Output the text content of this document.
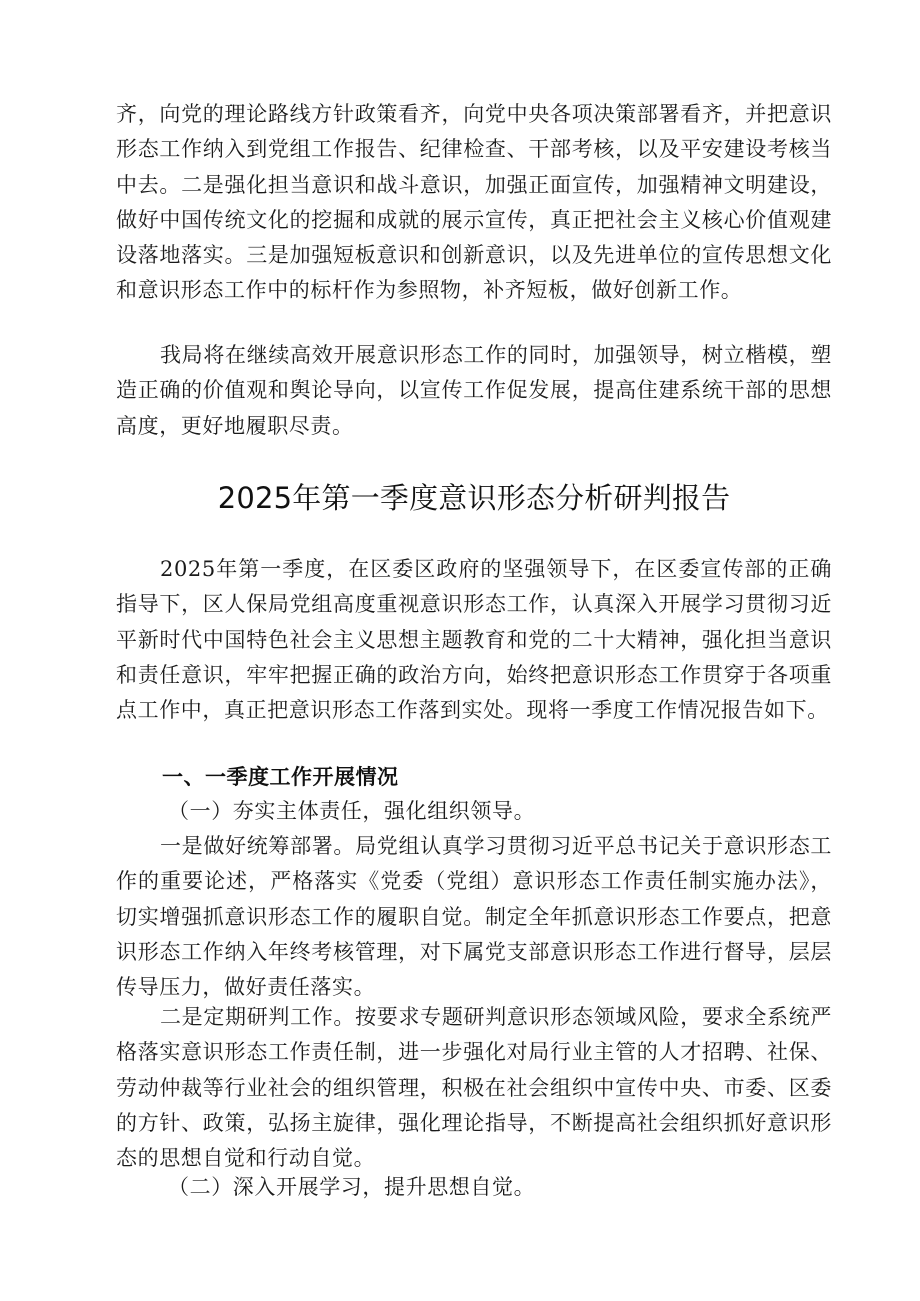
齐，向党的理论路线方针政策看齐，向党中央各项决策部署看齐，并把意识形态工作纳入到党组工作报告、纪律检查、干部考核，以及平安建设考核当中去。二是强化担当意识和战斗意识，加强正面宣传，加强精神文明建设，做好中国传统文化的挖掘和成就的展示宣传，真正把社会主义核心价值观建设落地落实。三是加强短板意识和创新意识，以及先进单位的宣传思想文化和意识形态工作中的标杆作为参照物，补齐短板，做好创新工作。

我局将在继续高效开展意识形态工作的同时，加强领导，树立楷模，塑造正确的价值观和舆论导向，以宣传工作促发展，提高住建系统干部的思想高度，更好地履职尽责。

2025年第一季度意识形态分析研判报告

2025年第一季度，在区委区政府的坚强领导下，在区委宣传部的正确指导下，区人保局党组高度重视意识形态工作，认真深入开展学习贯彻习近平新时代中国特色社会主义思想主题教育和党的二十大精神，强化担当意识和责任意识，牢牢把握正确的政治方向，始终把意识形态工作贯穿于各项重点工作中，真正把意识形态工作落到实处。现将一季度工作情况报告如下。

一、一季度工作开展情况

（一）夯实主体责任，强化组织领导。

一是做好统筹部署。局党组认真学习贯彻习近平总书记关于意识形态工作的重要论述，严格落实《党委（党组）意识形态工作责任制实施办法》，切实增强抓意识形态工作的履职自觉。制定全年抓意识形态工作要点，把意识形态工作纳入年终考核管理，对下属党支部意识形态工作进行督导，层层传导压力，做好责任落实。

二是定期研判工作。按要求专题研判意识形态领域风险，要求全系统严格落实意识形态工作责任制，进一步强化对局行业主管的人才招聘、社保、劳动仲裁等行业社会的组织管理，积极在社会组织中宣传中央、市委、区委的方针、政策，弘扬主旋律，强化理论指导，不断提高社会组织抓好意识形态的思想自觉和行动自觉。

（二）深入开展学习，提升思想自觉。
